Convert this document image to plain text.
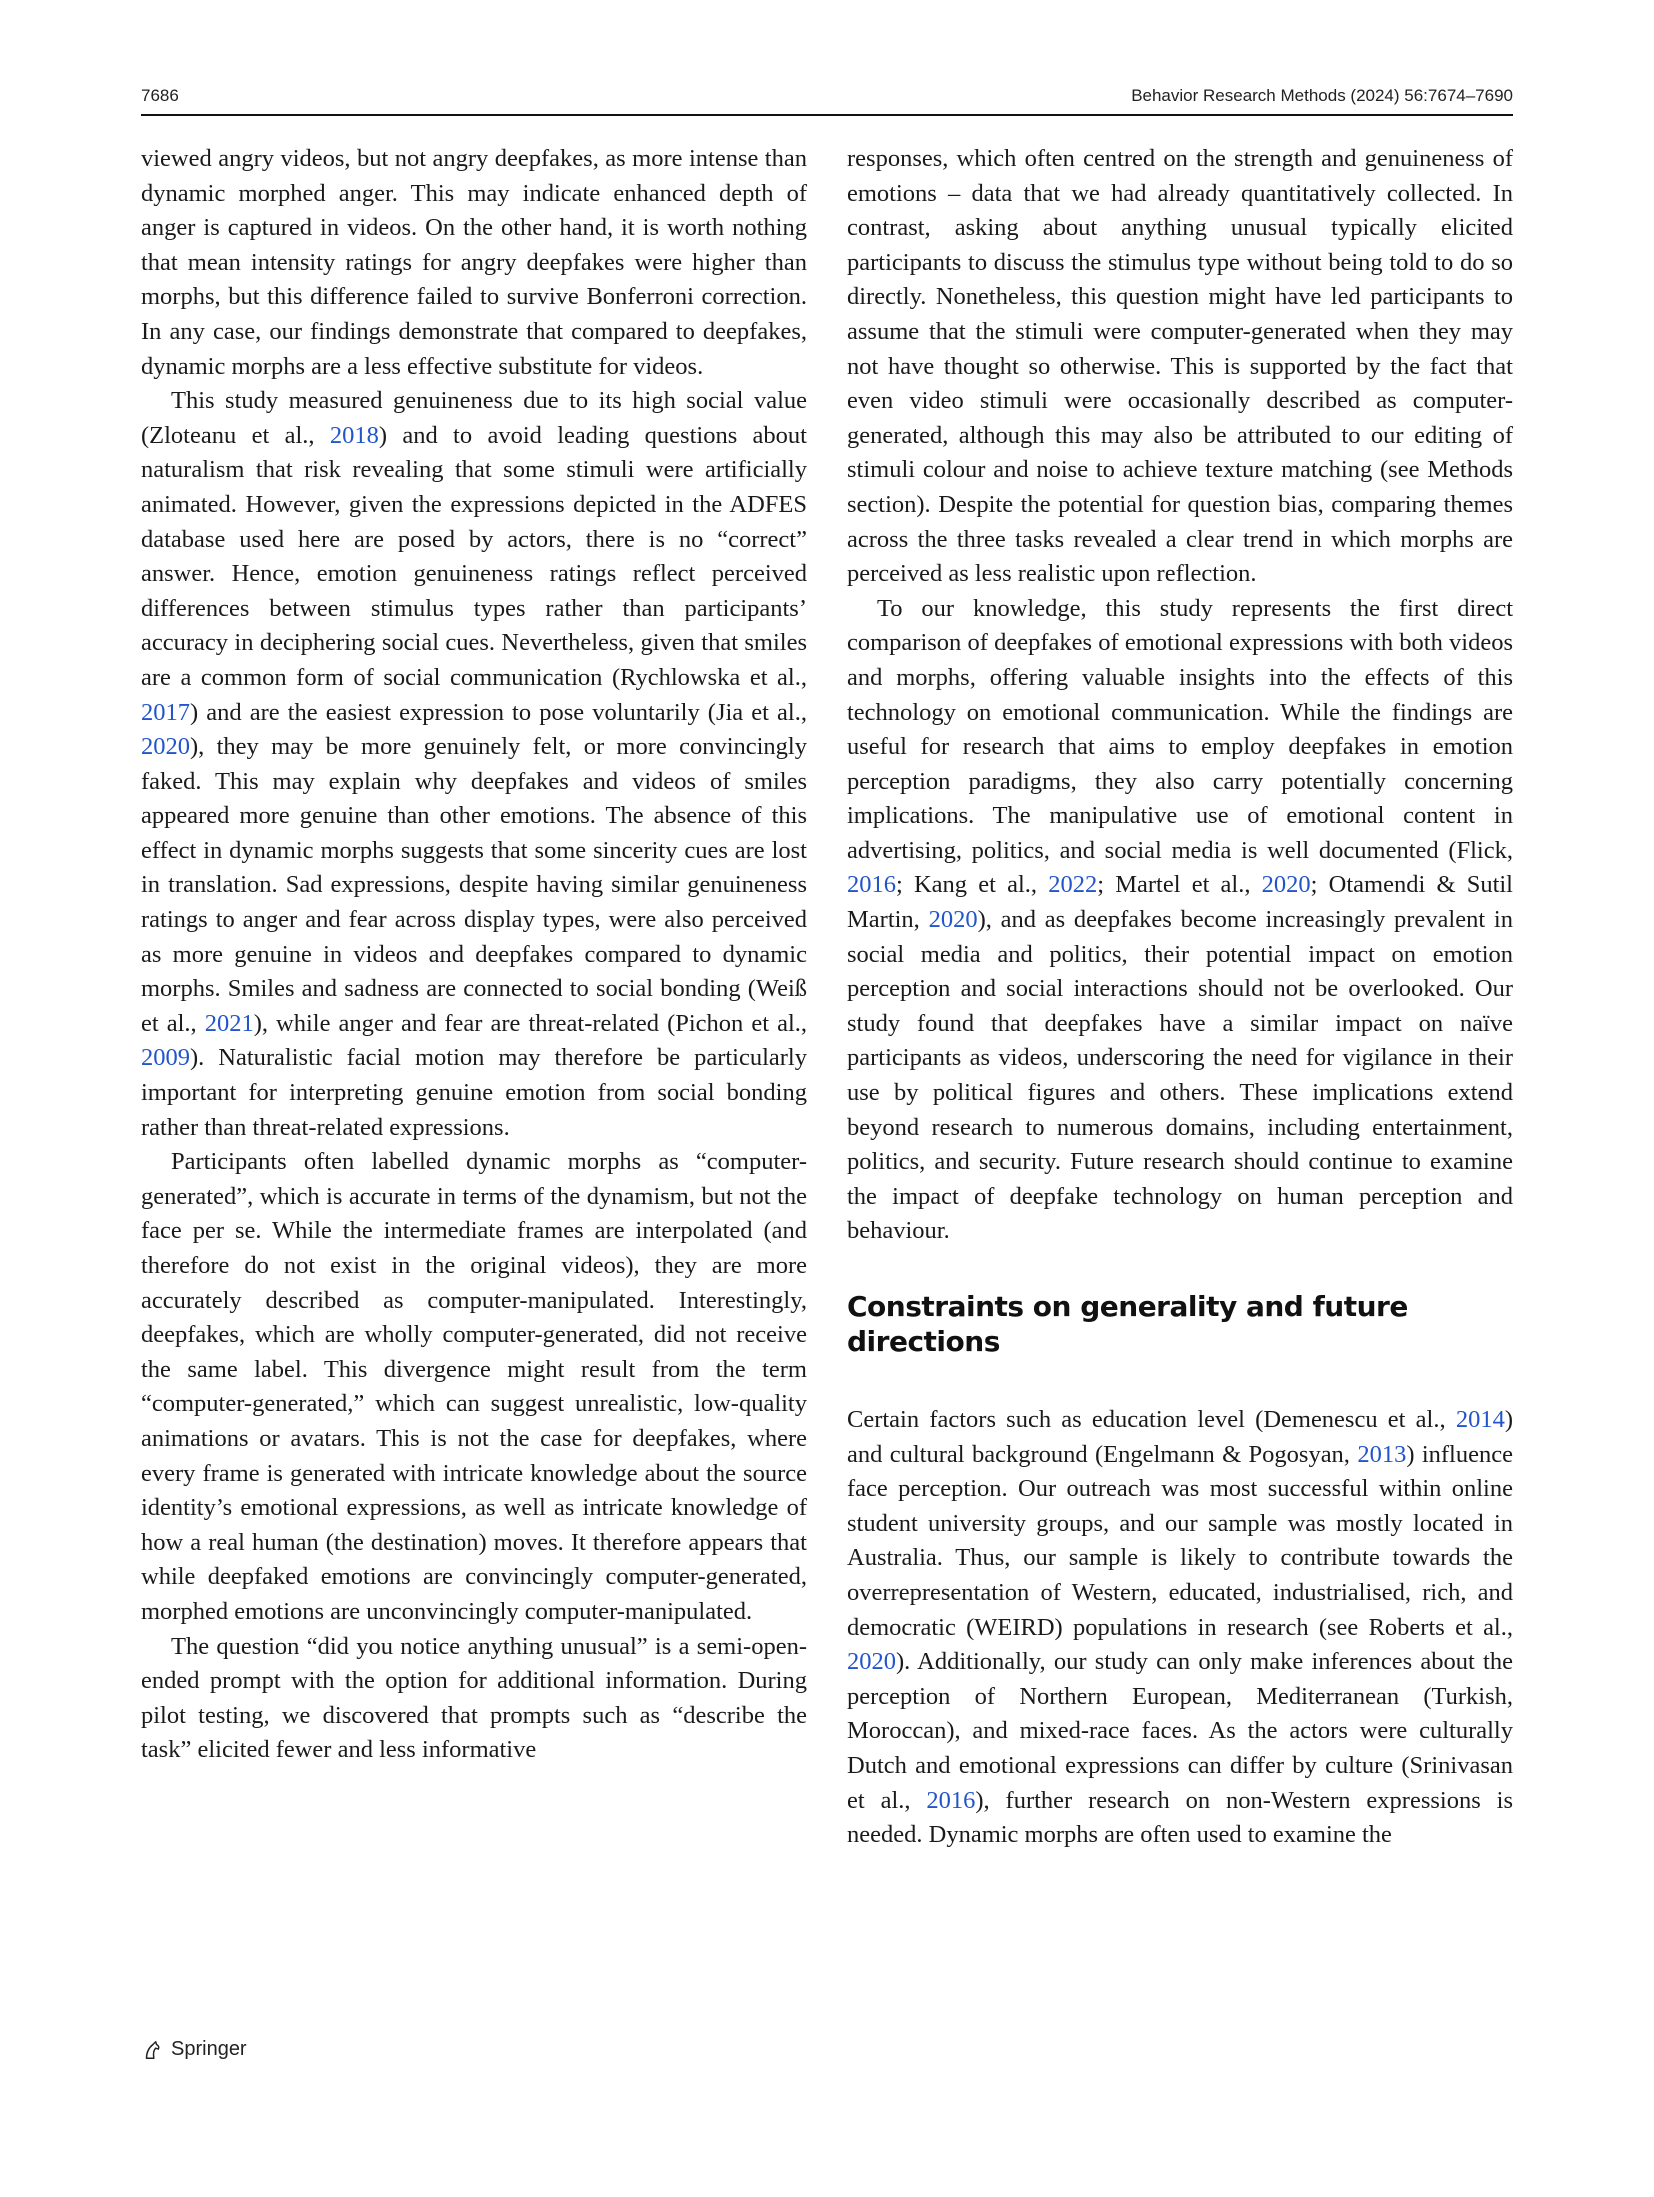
7686	Behavior Research Methods (2024) 56:7674–7690

viewed angry videos, but not angry deepfakes, as more intense than dynamic morphed anger. This may indicate enhanced depth of anger is captured in videos. On the other hand, it is worth nothing that mean intensity ratings for angry deepfakes were higher than morphs, but this difference failed to survive Bonferroni correction. In any case, our findings demonstrate that compared to deepfakes, dynamic morphs are a less effective substitute for videos.

This study measured genuineness due to its high social value (Zloteanu et al., 2018) and to avoid leading questions about naturalism that risk revealing that some stimuli were artificially animated. However, given the expressions depicted in the ADFES database used here are posed by actors, there is no “correct” answer. Hence, emotion genuineness ratings reflect perceived differences between stimulus types rather than participants’ accuracy in deciphering social cues. Nevertheless, given that smiles are a common form of social communication (Rychlowska et al., 2017) and are the easiest expression to pose voluntarily (Jia et al., 2020), they may be more genuinely felt, or more convincingly faked. This may explain why deepfakes and videos of smiles appeared more genuine than other emotions. The absence of this effect in dynamic morphs suggests that some sincerity cues are lost in translation. Sad expressions, despite having similar genuineness ratings to anger and fear across display types, were also perceived as more genuine in videos and deepfakes compared to dynamic morphs. Smiles and sadness are connected to social bonding (Weiß et al., 2021), while anger and fear are threat-related (Pichon et al., 2009). Naturalistic facial motion may therefore be particularly important for interpreting genuine emotion from social bonding rather than threat-related expressions.

Participants often labelled dynamic morphs as “computer-generated”, which is accurate in terms of the dynamism, but not the face per se. While the intermediate frames are interpolated (and therefore do not exist in the original videos), they are more accurately described as computer-manipulated. Interestingly, deepfakes, which are wholly computer-generated, did not receive the same label. This divergence might result from the term “computer-generated,” which can suggest unrealistic, low-quality animations or avatars. This is not the case for deepfakes, where every frame is generated with intricate knowledge about the source identity’s emotional expressions, as well as intricate knowledge of how a real human (the destination) moves. It therefore appears that while deepfaked emotions are convincingly computer-generated, morphed emotions are unconvincingly computer-manipulated.

The question “did you notice anything unusual” is a semi-open-ended prompt with the option for additional information. During pilot testing, we discovered that prompts such as “describe the task” elicited fewer and less informative

responses, which often centred on the strength and genuineness of emotions – data that we had already quantitatively collected. In contrast, asking about anything unusual typically elicited participants to discuss the stimulus type without being told to do so directly. Nonetheless, this question might have led participants to assume that the stimuli were computer-generated when they may not have thought so otherwise. This is supported by the fact that even video stimuli were occasionally described as computer-generated, although this may also be attributed to our editing of stimuli colour and noise to achieve texture matching (see Methods section). Despite the potential for question bias, comparing themes across the three tasks revealed a clear trend in which morphs are perceived as less realistic upon reflection.

To our knowledge, this study represents the first direct comparison of deepfakes of emotional expressions with both videos and morphs, offering valuable insights into the effects of this technology on emotional communication. While the findings are useful for research that aims to employ deepfakes in emotion perception paradigms, they also carry potentially concerning implications. The manipulative use of emotional content in advertising, politics, and social media is well documented (Flick, 2016; Kang et al., 2022; Martel et al., 2020; Otamendi & Sutil Martin, 2020), and as deepfakes become increasingly prevalent in social media and politics, their potential impact on emotion perception and social interactions should not be overlooked. Our study found that deepfakes have a similar impact on naïve participants as videos, underscoring the need for vigilance in their use by political figures and others. These implications extend beyond research to numerous domains, including entertainment, politics, and security. Future research should continue to examine the impact of deepfake technology on human perception and behaviour.

Constraints on generality and future directions

Certain factors such as education level (Demenescu et al., 2014) and cultural background (Engelmann & Pogosyan, 2013) influence face perception. Our outreach was most successful within online student university groups, and our sample was mostly located in Australia. Thus, our sample is likely to contribute towards the overrepresentation of Western, educated, industrialised, rich, and democratic (WEIRD) populations in research (see Roberts et al., 2020). Additionally, our study can only make inferences about the perception of Northern European, Mediterranean (Turkish, Moroccan), and mixed-race faces. As the actors were culturally Dutch and emotional expressions can differ by culture (Srinivasan et al., 2016), further research on non-Western expressions is needed. Dynamic morphs are often used to examine the

Springer
